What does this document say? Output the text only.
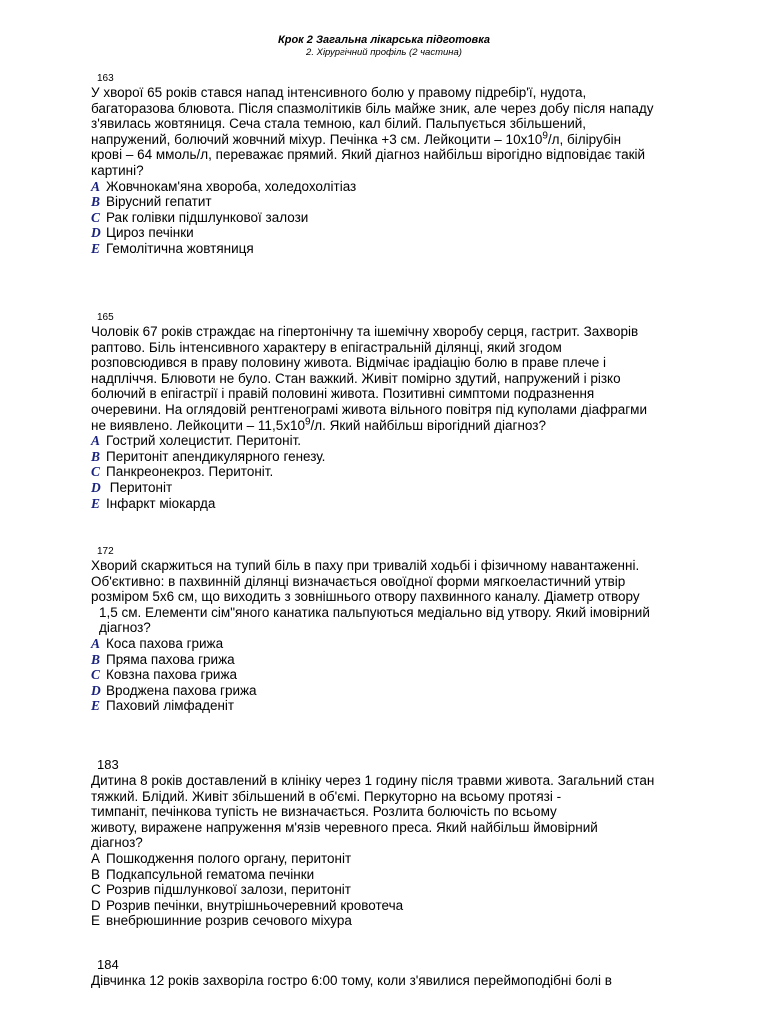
Крок 2 Загальна лікарська підготовка
2. Хірургічний профіль (2 частина)
163
У хворої 65 років стався напад інтенсивного болю у правому підребір'ї, нудота,
багаторазова блювота. Після спазмолітиків біль майже зник, але через добу після нападу
з'явилась жовтяниця. Сеча стала темною, кал білий. Пальпується збільшений,
напружений, болючий жовчний міхур. Печінка +3 см. Лейкоцити – $10х10^9/л$, білірубін
крові – 64 ммоль/л, переважає прямий. Який діагноз найбільш вірогідно відповідає такій
картині?
A Жовчнокам'яна хвороба, холедохолітіаз
B Вірусний гепатит
C Рак голівки підшлункової залози
D Цироз печінки
E Гемолітична жовтяниця
165
Чоловік 67 років страждає на гіпертонічну та ішемічну хворобу серця, гастрит. Захворів
раптово. Біль інтенсивного характеру в епігастральній ділянці, який згодом
розповсюдився в праву половину живота. Відмічає ірадіацію болю в праве плече і
надпліччя. Блювоти не було. Стан важкий. Живіт помірно здутий, напружений і різко
болючий в епігастрії і правій половині живота. Позитивні симптоми подразнення
очеревини. На оглядовій рентгенограмі живота вільного повітря під куполами діафрагми
не виявлено. Лейкоцити – $11,5х10^9/л$. Який найбільш вірогідний діагноз?
A Гострий холецистит. Перитоніт.
B Перитоніт апендикулярного генезу.
C Панкреонекроз. Перитоніт.
D Перитоніт
E Інфаркт міокарда
172
Хворий скаржиться на тупий біль в паху при тривалій ходьбі і фізичному навантаженні.
Об'єктивно: в пахвинній ділянці визначається овоїдної форми мягкоеластичний утвір
розміром 5х6 см, що виходить з зовнішнього отвору пахвинного каналу. Діаметр отвору
1,5 см. Елементи сім"яного канатика пальпуються медіально від утвору. Який імовірний
діагноз?
A Коса пахова грижа
B Пряма пахова грижа
C Ковзна пахова грижа
D Вроджена пахова грижа
E Паховий лімфаденіт
183
Дитина 8 років доставлений в клініку через 1 годину після травми живота. Загальний стан
тяжкий. Блідий. Живіт збільшений в об'ємі. Перкуторно на всьому протязі -
тимпаніт, печінкова тупість не визначається. Розлита болючість по всьому
животу, виражене напруження м'язів черевного преса. Який найбільш ймовірний
діагноз?
A Пошкодження полого органу, перитоніт
B Подкапсульной гематома печінки
C Розрив підшлункової залози, перитоніт
D Розрив печінки, внутрішньочеревний кровотеча
E внебрюшинние розрив сечового міхура
184
Дівчинка 12 років захворіла гостро 6:00 тому, коли з'явилися переймоподібні болі в
